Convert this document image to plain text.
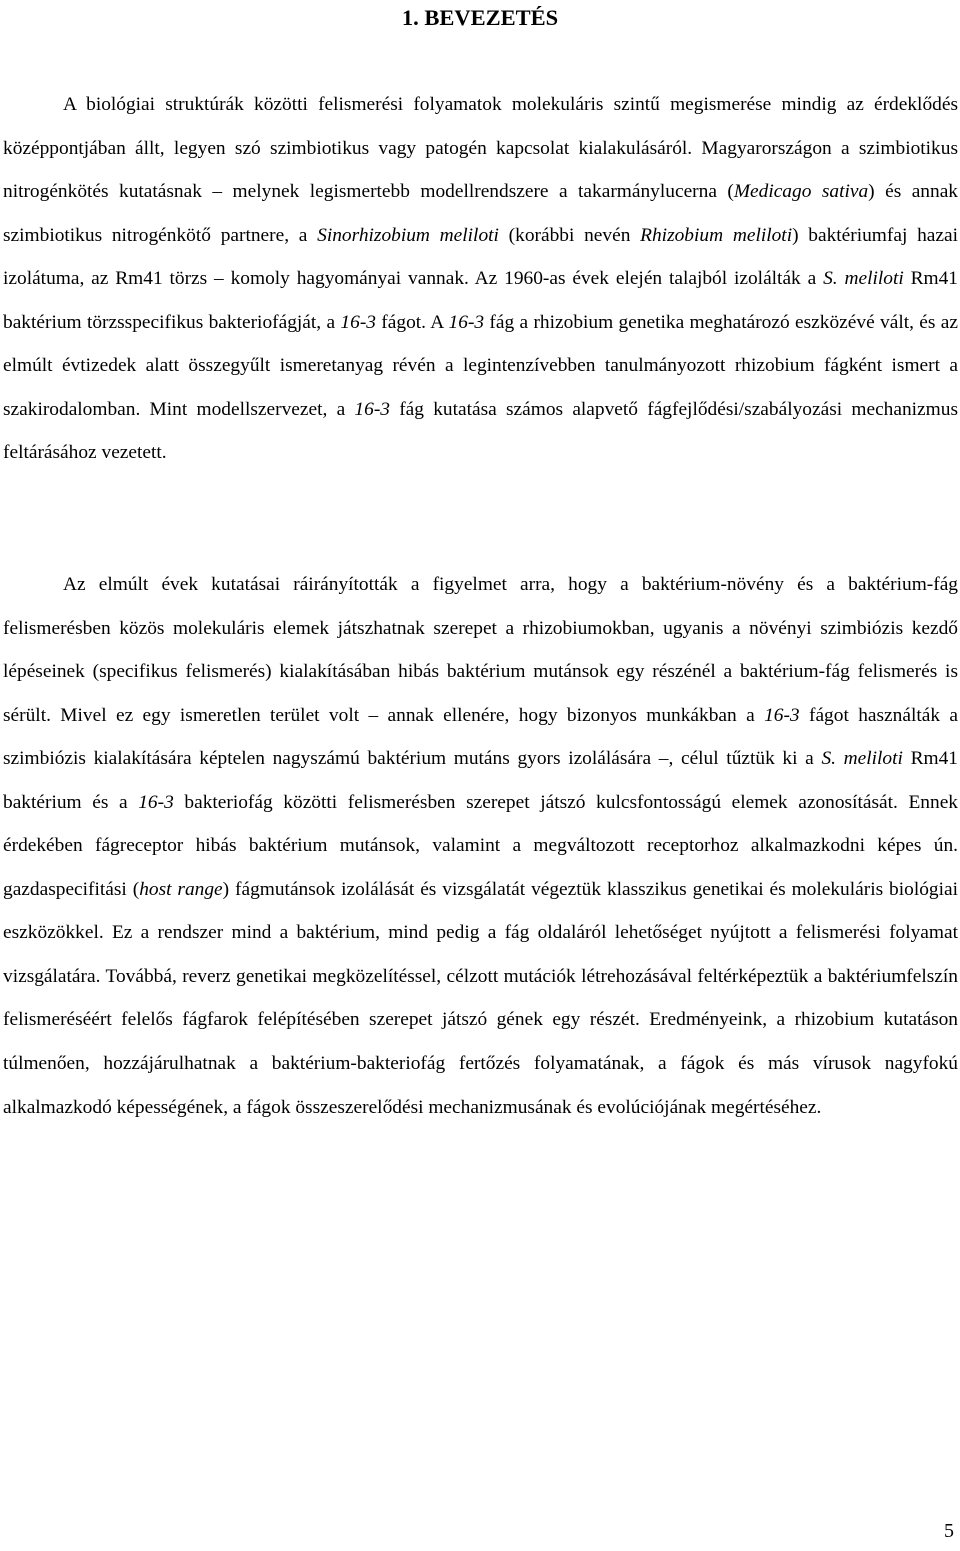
1. BEVEZETÉS

A biológiai struktúrák közötti felismerési folyamatok molekuláris szintű megismerése mindig az érdeklődés középpontjában állt, legyen szó szimbiotikus vagy patogén kapcsolat kialakulásáról. Magyarországon a szimbiotikus nitrogénkötés kutatásnak – melynek legismertebb modellrendszere a takarmánylucerna (Medicago sativa) és annak szimbiotikus nitrogénkötő partnere, a Sinorhizobium meliloti (korábbi nevén Rhizobium meliloti) baktériumfaj hazai izolátuma, az Rm41 törzs – komoly hagyományai vannak. Az 1960-as évek elején talajból izolálták a S. meliloti Rm41 baktérium törzsspecifikus bakteriofágját, a 16-3 fágot. A 16-3 fág a rhizobium genetika meghatározó eszközévé vált, és az elmúlt évtizedek alatt összegyűlt ismeretanyag révén a legintenzívebben tanulmányozott rhizobium fágként ismert a szakirodalomban. Mint modellszervezet, a 16-3 fág kutatása számos alapvető fágfejlődési/szabályozási mechanizmus feltárásához vezetett.

Az elmúlt évek kutatásai ráirányították a figyelmet arra, hogy a baktérium-növény és a baktérium-fág felismerésben közös molekuláris elemek játszhatnak szerepet a rhizobiumokban, ugyanis a növényi szimbiózis kezdő lépéseinek (specifikus felismerés) kialakításában hibás baktérium mutánsok egy részénél a baktérium-fág felismerés is sérült. Mivel ez egy ismeretlen terület volt – annak ellenére, hogy bizonyos munkákban a 16-3 fágot használták a szimbiózis kialakítására képtelen nagyszámú baktérium mutáns gyors izolálására –, célul tűztük ki a S. meliloti Rm41 baktérium és a 16-3 bakteriofág közötti felismerésben szerepet játszó kulcsfontosságú elemek azonosítását. Ennek érdekében fágreceptor hibás baktérium mutánsok, valamint a megváltozott receptorhoz alkalmazkodni képes ún. gazdaspecifitási (host range) fágmutánsok izolálását és vizsgálatát végeztük klasszikus genetikai és molekuláris biológiai eszközökkel. Ez a rendszer mind a baktérium, mind pedig a fág oldaláról lehetőséget nyújtott a felismerési folyamat vizsgálatára. Továbbá, reverz genetikai megközelítéssel, célzott mutációk létrehozásával feltérképeztük a baktériumfelszín felismeréséért felelős fágfarok felépítésében szerepet játszó gének egy részét. Eredményeink, a rhizobium kutatáson túlmenően, hozzájárulhatnak a baktérium-bakteriofág fertőzés folyamatának, a fágok és más vírusok nagyfokú alkalmazkodó képességének, a fágok összeszerelődési mechanizmusának és evolúciójának megértéséhez.

5
